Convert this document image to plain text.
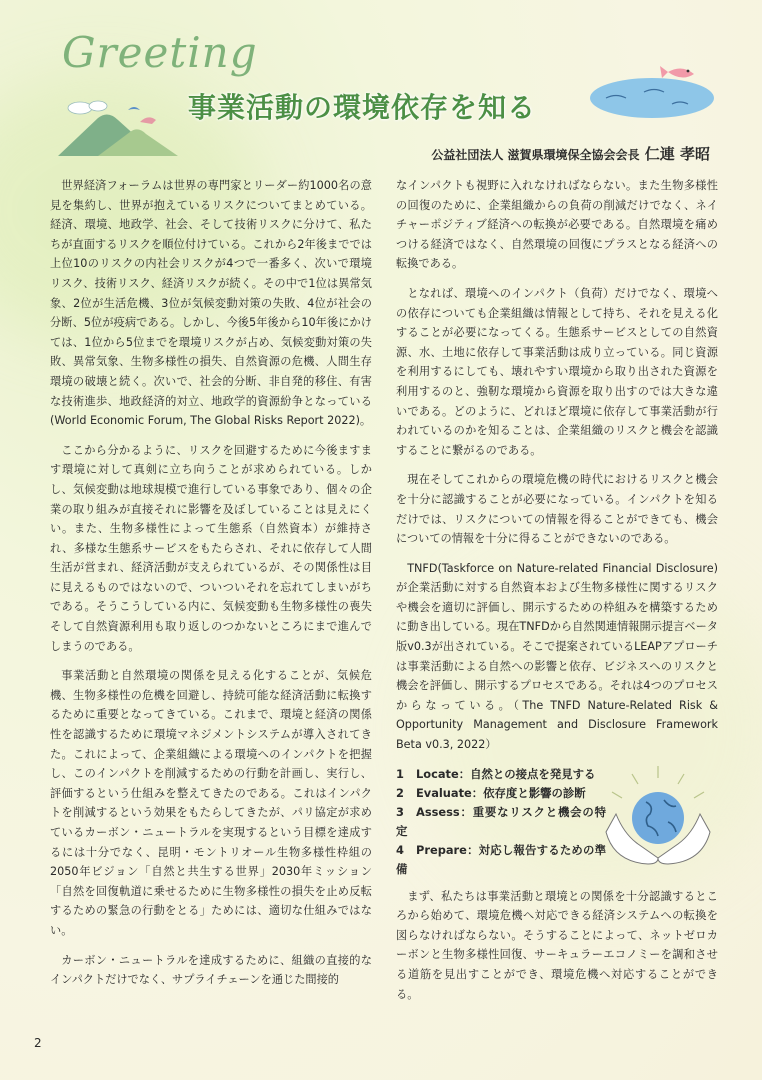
Greeting
事業活動の環境依存を知る
公益社団法人 滋賀県環境保全協会会長 仁連 孝昭

世界経済フォーラムは世界の専門家とリーダー約1000名の意見を集約し、世界が抱えているリスクについてまとめている。経済、環境、地政学、社会、そして技術リスクに分けて、私たちが直面するリスクを順位付けている。これから2年後まででは上位10のリスクの内社会リスクが4つで一番多く、次いで環境リスク、技術リスク、経済リスクが続く。その中で1位は異常気象、2位が生活危機、3位が気候変動対策の失敗、4位が社会の分断、5位が疫病である。しかし、今後5年後から10年後にかけては、1位から5位までを環境リスクが占め、気候変動対策の失敗、異常気象、生物多様性の損失、自然資源の危機、人間生存環境の破壊と続く。次いで、社会的分断、非自発的移住、有害な技術進歩、地政経済的対立、地政学的資源紛争となっている(World Economic Forum, The Global Risks Report 2022)。

ここから分かるように、リスクを回避するために今後ますます環境に対して真剣に立ち向うことが求められている。しかし、気候変動は地球規模で進行している事象であり、個々の企業の取り組みが直接それに影響を及ぼしていることは見えにくい。また、生物多様性によって生態系（自然資本）が維持され、多様な生態系サービスをもたらされ、それに依存して人間生活が営まれ、経済活動が支えられているが、その関係性は目に見えるものではないので、ついついそれを忘れてしまいがちである。そうこうしている内に、気候変動も生物多様性の喪失そして自然資源利用も取り返しのつかないところにまで進んでしまうのである。

事業活動と自然環境の関係を見える化することが、気候危機、生物多様性の危機を回避し、持続可能な経済活動に転換するために重要となってきている。これまで、環境と経済の関係性を認識するために環境マネジメントシステムが導入されてきた。これによって、企業組織による環境へのインパクトを把握し、このインパクトを削減するための行動を計画し、実行し、評価するという仕組みを整えてきたのである。これはインパクトを削減するという効果をもたらしてきたが、パリ協定が求めているカーボン・ニュートラルを実現するという目標を達成するには十分でなく、昆明・モントリオール生物多様性枠組の2050年ビジョン「自然と共生する世界」2030年ミッション「自然を回復軌道に乗せるために生物多様性の損失を止め反転するための緊急の行動をとる」ためには、適切な仕組みではない。

カーボン・ニュートラルを達成するために、組織の直接的なインパクトだけでなく、サプライチェーンを通じた間接的

なインパクトも視野に入れなければならない。また生物多様性の回復のために、企業組織からの負荷の削減だけでなく、ネイチャーポジティブ経済への転換が必要である。自然環境を痛めつける経済ではなく、自然環境の回復にプラスとなる経済への転換である。

となれば、環境へのインパクト（負荷）だけでなく、環境への依存についても企業組織は情報として持ち、それを見える化することが必要になってくる。生態系サービスとしての自然資源、水、土地に依存して事業活動は成り立っている。同じ資源を利用するにしても、壊れやすい環境から取り出された資源を利用するのと、強靭な環境から資源を取り出すのでは大きな違いである。どのように、どれほど環境に依存して事業活動が行われているのかを知ることは、企業組織のリスクと機会を認識することに繋がるのである。

現在そしてこれからの環境危機の時代におけるリスクと機会を十分に認識することが必要になっている。インパクトを知るだけでは、リスクについての情報を得ることができても、機会についての情報を十分に得ることができないのである。

TNFD(Taskforce on Nature-related Financial Disclosure)が企業活動に対する自然資本および生物多様性に関するリスクや機会を適切に評価し、開示するための枠組みを構築するために動き出している。現在TNFDから自然関連情報開示提言ベータ版v0.3が出されている。そこで提案されているLEAPアプローチは事業活動による自然への影響と依存、ビジネスへのリスクと機会を評価し、開示するプロセスである。それは4つのプロセスからなっている。（The TNFD Nature-Related Risk & Opportunity Management and Disclosure Framework Beta v0.3, 2022）

1 Locate：自然との接点を発見する
2 Evaluate：依存度と影響の診断
3 Assess：重要なリスクと機会の特定
4 Prepare：対応し報告するための準備

まず、私たちは事業活動と環境との関係を十分認識するところから始めて、環境危機へ対応できる経済システムへの転換を図らなければならない。そうすることによって、ネットゼロカーボンと生物多様性回復、サーキュラーエコノミーを調和させる道筋を見出すことができ、環境危機へ対応することができる。

2
